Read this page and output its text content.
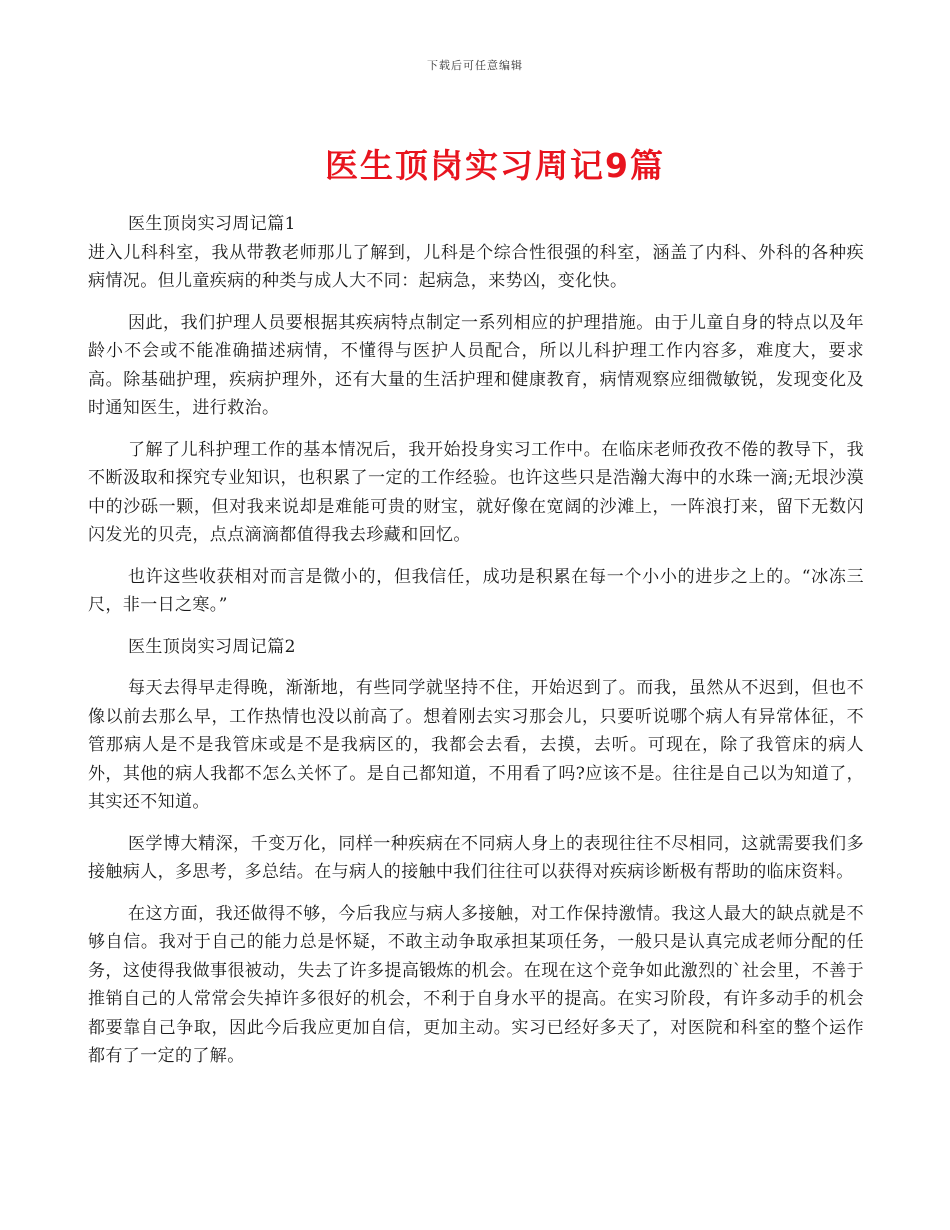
下载后可任意编辑
医生顶岗实习周记9篇

医生顶岗实习周记篇1

进入儿科科室，我从带教老师那儿了解到，儿科是个综合性很强的科室，涵盖了内科、外科的各种疾病情况。但儿童疾病的种类与成人大不同：起病急，来势凶，变化快。

因此，我们护理人员要根据其疾病特点制定一系列相应的护理措施。由于儿童自身的特点以及年龄小不会或不能准确描述病情，不懂得与医护人员配合，所以儿科护理工作内容多，难度大，要求高。除基础护理，疾病护理外，还有大量的生活护理和健康教育，病情观察应细微敏锐，发现变化及时通知医生，进行救治。

了解了儿科护理工作的基本情况后，我开始投身实习工作中。在临床老师孜孜不倦的教导下，我不断汲取和探究专业知识，也积累了一定的工作经验。也许这些只是浩瀚大海中的水珠一滴;无垠沙漠中的沙砾一颗，但对我来说却是难能可贵的财宝，就好像在宽阔的沙滩上，一阵浪打来，留下无数闪闪发光的贝壳，点点滴滴都值得我去珍藏和回忆。

也许这些收获相对而言是微小的，但我信任，成功是积累在每一个小小的进步之上的。“冰冻三尺，非一日之寒。”

医生顶岗实习周记篇2

每天去得早走得晚，渐渐地，有些同学就坚持不住，开始迟到了。而我，虽然从不迟到，但也不像以前去那么早，工作热情也没以前高了。想着刚去实习那会儿，只要听说哪个病人有异常体征，不管那病人是不是我管床或是不是我病区的，我都会去看，去摸，去听。可现在，除了我管床的病人外，其他的病人我都不怎么关怀了。是自己都知道，不用看了吗?应该不是。往往是自己以为知道了，其实还不知道。

医学博大精深，千变万化，同样一种疾病在不同病人身上的表现往往不尽相同，这就需要我们多接触病人，多思考，多总结。在与病人的接触中我们往往可以获得对疾病诊断极有帮助的临床资料。

在这方面，我还做得不够，今后我应与病人多接触，对工作保持激情。我这人最大的缺点就是不够自信。我对于自己的能力总是怀疑，不敢主动争取承担某项任务，一般只是认真完成老师分配的任务，这使得我做事很被动，失去了许多提高锻炼的机会。在现在这个竞争如此激烈的`社会里，不善于推销自己的人常常会失掉许多很好的机会，不利于自身水平的提高。在实习阶段，有许多动手的机会都要靠自己争取，因此今后我应更加自信，更加主动。实习已经好多天了，对医院和科室的整个运作都有了一定的了解。
